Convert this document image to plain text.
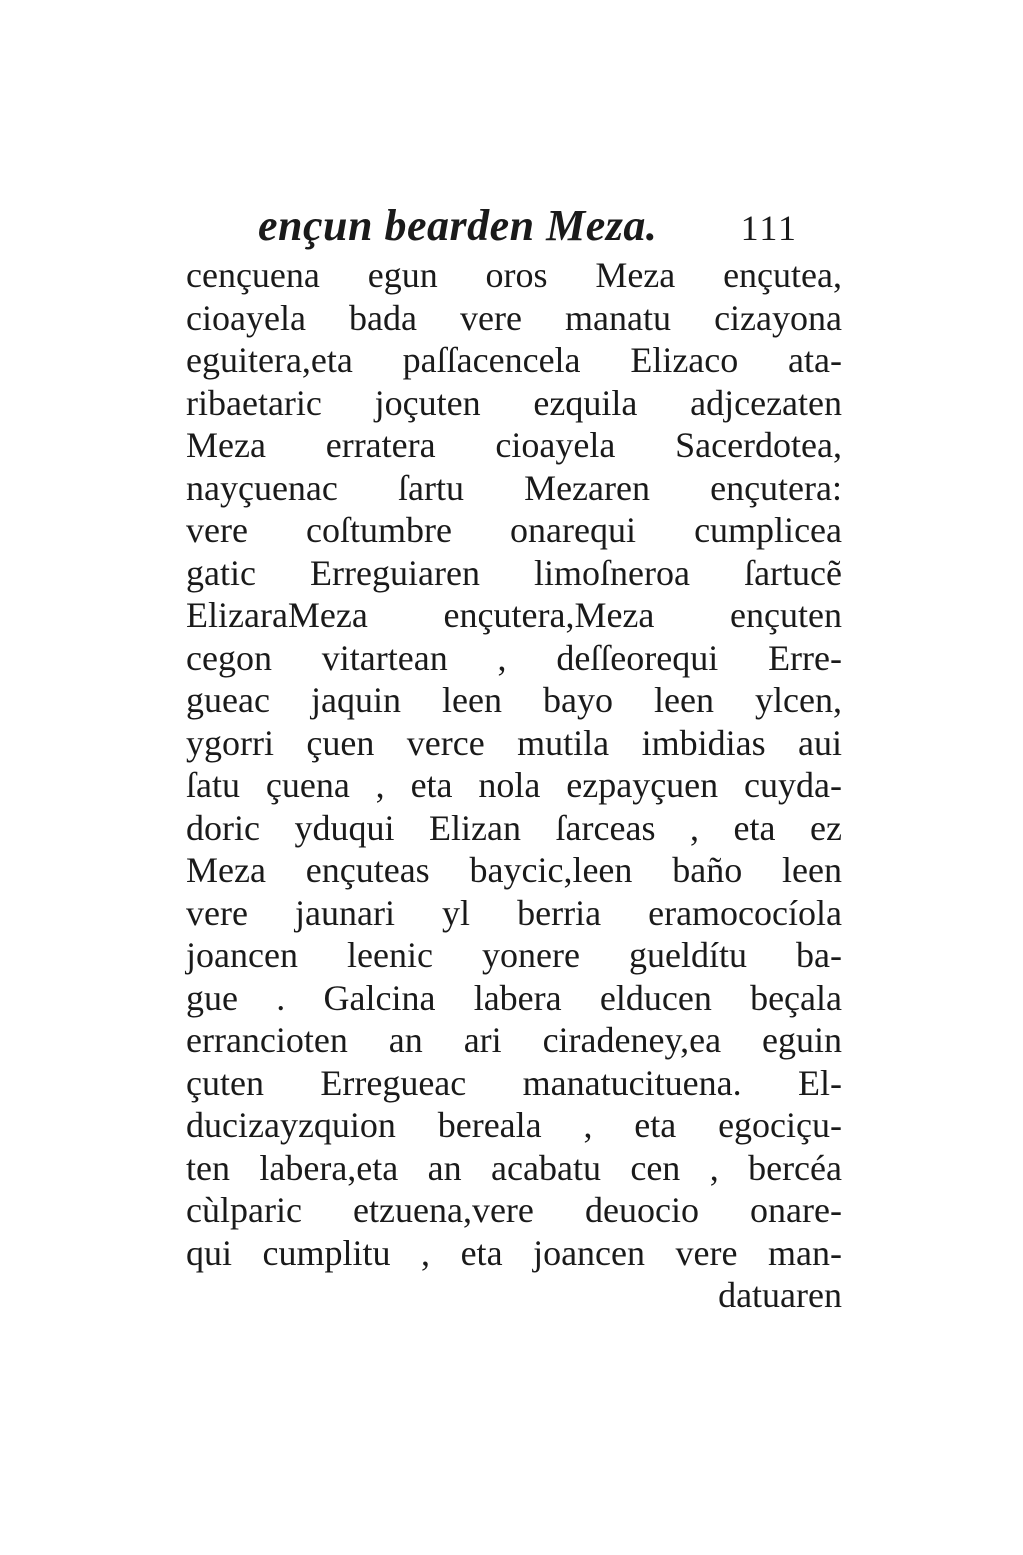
ençun bearden Meza. 111
cençuena egun oros Meza ençutea,
cioayela bada vere manatu cizayona
eguitera,eta paſſacencela Elizaco ata-
ribaetaric joçuten ezquila adjcezaten
Meza erratera cioayela Sacerdotea,
nayçuenac ſartu Mezaren ençutera:
vere coſtumbre onarequi cumplicea
gatic Erreguiaren limoſneroa ſartucẽ
ElizaraMeza ençutera,Meza ençuten
cegon vitartean , deſſeorequi Erre-
gueac jaquin leen bayo leen ylcen,
ygorri çuen verce mutila imbidias aui
ſatu çuena , eta nola ezpayçuen cuyda-
doric yduqui Elizan ſarceas , eta ez
Meza ençuteas baycic,leen baño leen
vere jaunari yl berria eramococíola
joancen leenic yonere gueldítu ba-
gue . Galcina labera elducen beçala
errancioten an ari ciradeney,ea eguin
çuten Erregueac manatucituena. El-
ducizayzquion bereala , eta egociçu-
ten labera,eta an acabatu cen , bercéa
cùlparic etzuena,vere deuocio onare-
qui cumplitu , eta joancen vere man-
datuaren
